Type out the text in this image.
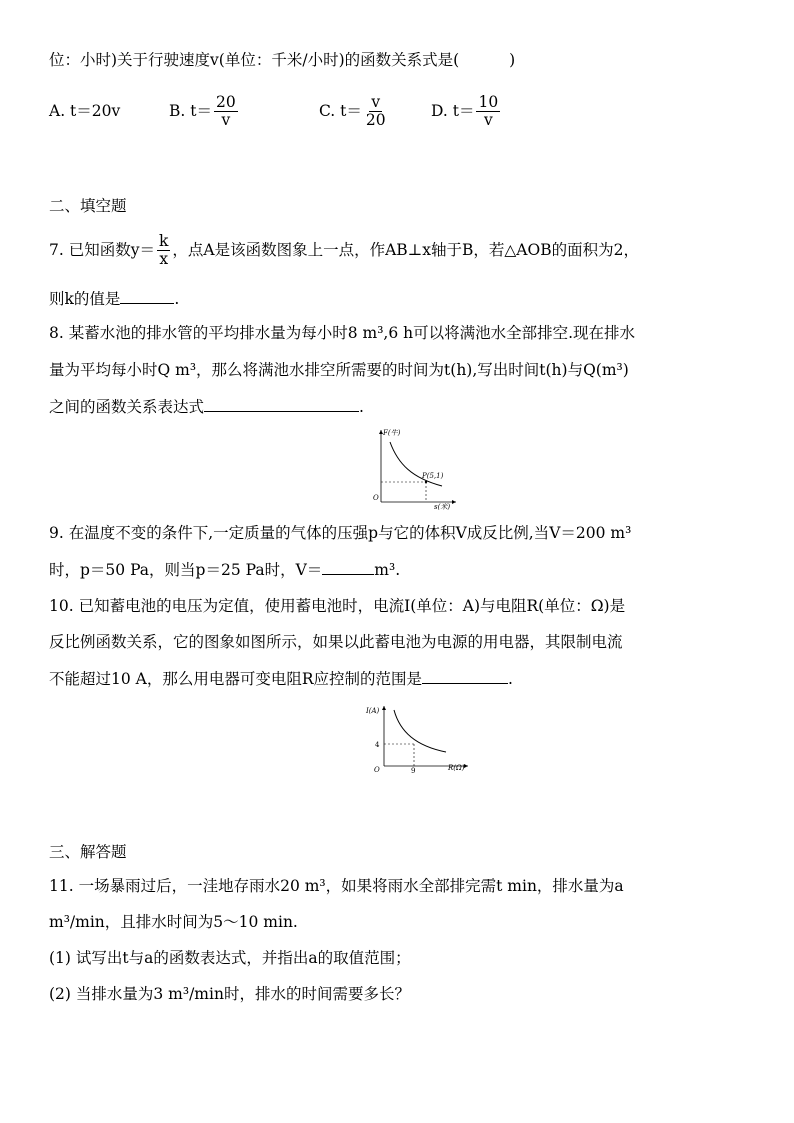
位：小时)关于行驶速度v(单位：千米/小时)的函数关系式是(	)
A. t＝20v	B. $t= \frac{20}{v}$	C. $t= \frac{v}{20}$	D. $t= \frac{10}{v}$
二、填空题
7. 已知函数$y= \frac{k}{x}$ ，点A是该函数图象上一点，作AB⊥x轴于B，若△AOB的面积为2，
则k的值是	.
8. 某蓄水池的排水管的平均排水量为每小时8 m³,6 h可以将满池水全部排空.现在排水
量为平均每小时Q m³，那么将满池水排空所需要的时间为t(h),写出时间t(h)与Q(m³)
之间的函数关系表达式	.
F(牛)
s(米)
O
P(5,1)
9. 在温度不变的条件下,一定质量的气体的压强p与它的体积V成反比例,当V＝200 m³
时，p＝50 Pa，则当p＝25 Pa时，V＝	m³.
10. 已知蓄电池的电压为定值，使用蓄电池时，电流I(单位：A)与电阻R(单位：Ω)是
反比例函数关系，它的图象如图所示，如果以此蓄电池为电源的用电器，其限制电流
不能超过10 A，那么用电器可变电阻R应控制的范围是	.
I(A)
R(Ω)
O
4
9
三、解答题
11. 一场暴雨过后，一洼地存雨水20 m³，如果将雨水全部排完需t min，排水量为a
m³/min，且排水时间为5～10 min.
(1) 试写出t与a的函数表达式，并指出a的取值范围；
(2) 当排水量为3 m³/min时，排水的时间需要多长？
